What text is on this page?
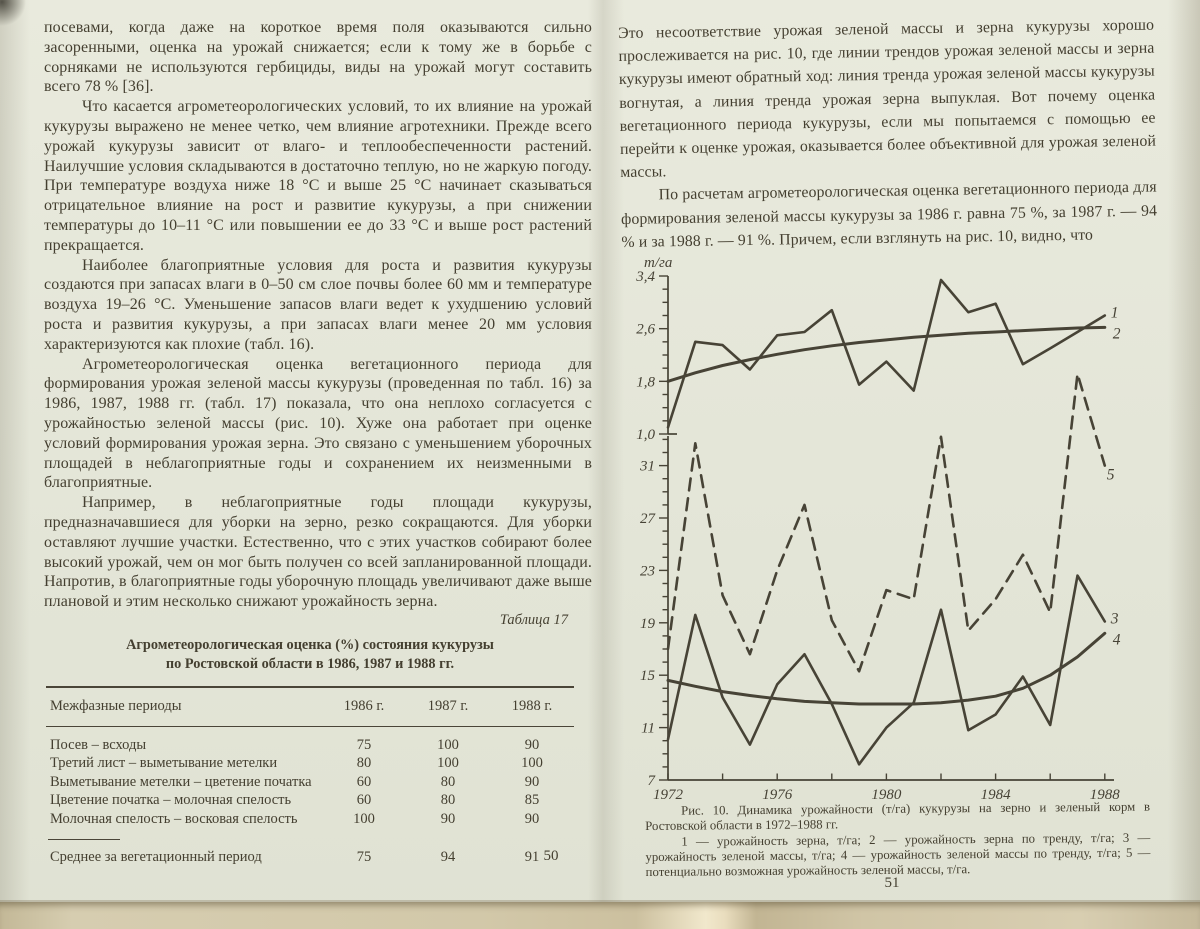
посевами, когда даже на короткое время поля оказываются сильно засоренными, оценка на урожай снижается; если к тому же в борьбе с сорняками не используются гербициды, виды на урожай могут составить всего 78 % [36].

Что касается агрометеорологических условий, то их влияние на урожай кукурузы выражено не менее четко, чем влияние агротехники. Прежде всего урожай кукурузы зависит от влаго- и теплообеспеченности растений. Наилучшие условия складываются в достаточно теплую, но не жаркую погоду. При температуре воздуха ниже 18 °С и выше 25 °С начинает сказываться отрицательное влияние на рост и развитие кукурузы, а при снижении температуры до 10–11 °С или повышении ее до 33 °С и выше рост растений прекращается.

Наиболее благоприятные условия для роста и развития кукурузы создаются при запасах влаги в 0–50 см слое почвы более 60 мм и температуре воздуха 19–26 °С. Уменьшение запасов влаги ведет к ухудшению условий роста и развития кукурузы, а при запасах влаги менее 20 мм условия характеризуются как плохие (табл. 16).

Агрометеорологическая оценка вегетационного периода для формирования урожая зеленой массы кукурузы (проведенная по табл. 16) за 1986, 1987, 1988 гг. (табл. 17) показала, что она неплохо согласуется с урожайностью зеленой массы (рис. 10). Хуже она работает при оценке условий формирования урожая зерна. Это связано с уменьшением уборочных площадей в неблагоприятные годы и сохранением их неизменными в благоприятные.

Например, в неблагоприятные годы площади кукурузы, предназначавшиеся для уборки на зерно, резко сокращаются. Для уборки оставляют лучшие участки. Естественно, что с этих участков собирают более высокий урожай, чем он мог быть получен со всей запланированной площади. Напротив, в благоприятные годы уборочную площадь увеличивают даже выше плановой и этим несколько снижают урожайность зерна.

Таблица 17
Агрометеорологическая оценка (%) состояния кукурузы
по Ростовской области в 1986, 1987 и 1988 гг.
Межфазные периоды	1986 г.	1987 г.	1988 г.
Посев – всходы	75	100	90
Третий лист – выметывание метелки	80	100	100
Выметывание метелки – цветение початка	60	80	90
Цветение початка – молочная спелость	60	80	85
Молочная спелость – восковая спелость	100	90	90
Среднее за вегетационный период	75	94	91 50

Это несоответствие урожая зеленой массы и зерна кукурузы хорошо прослеживается на рис. 10, где линии трендов урожая зеленой массы и зерна кукурузы имеют обратный ход: линия тренда урожая зеленой массы кукурузы вогнутая, а линия тренда урожая зерна выпуклая. Вот почему оценка вегетационного периода кукурузы, если мы попытаемся с помощью ее перейти к оценке урожая, оказывается более объективной для урожая зеленой массы.

По расчетам агрометеорологическая оценка вегетационного периода для формирования зеленой массы кукурузы за 1986 г. равна 75 %, за 1987 г. — 94 % и за 1988 г. — 91 %. Причем, если взглянуть на рис. 10, видно, что

1,0
1,8
2,6
3,4
т/га
1
2
7
11
15
19
23
27
31
3
4
5
1972	1976	1980	1984	1988

Рис. 10. Динамика урожайности (т/га) кукурузы на зерно и зеленый корм в Ростовской области в 1972–1988 гг.

1 — урожайность зерна, т/га; 2 — урожайность зерна по тренду, т/га; 3 — урожайность зеленой массы, т/га; 4 — урожайность зеленой массы по тренду, т/га; 5 — потенциально возможная урожайность зеленой массы, т/га.

51
